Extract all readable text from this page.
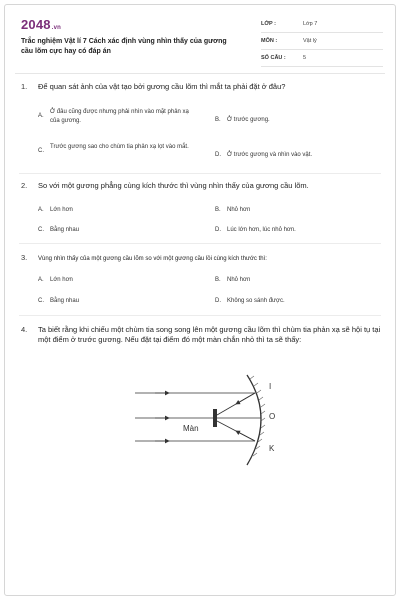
2048.vn
Trắc nghiệm Vật lí 7 Cách xác định vùng nhìn thấy của gương cầu lõm cực hay có đáp án
LỚP :	Lớp 7
MÔN :	Vật lý
SỐ CÂU :	5
1. Để quan sát ảnh của vật tạo bởi gương cầu lõm thì mắt ta phải đặt ở đâu?
A.Ở đâu cũng được nhưng phải nhìn vào mặt phản xạ của gương.	B. Ở trước gương.
C.Trước gương sao cho chùm tia phản xạ lọt vào mắt.
D. Ở trước gương và nhìn vào vật.
2. So với một gương phẳng cùng kích thước thì vùng nhìn thấy của gương cầu lõm.
A. Lớn hơn	B. Nhỏ hơn
C. Bằng nhau	D. Lúc lớn hơn, lúc nhỏ hơn.
3. Vùng nhìn thấy của một gương cầu lõm so với một gương cầu lồi cùng kích thước thì:
A. Lớn hơn	B. Nhỏ hơn
C. Bằng nhau	D. Không so sánh được.
4. Ta biết rằng khi chiếu một chùm tia song song lên một gương cầu lõm thì chùm tia phản xạ sẽ hội tụ tại một điểm ở trước gương. Nếu đặt tại điểm đó một màn chắn nhỏ thì ta sẽ thấy:
Màn
I
O
K
